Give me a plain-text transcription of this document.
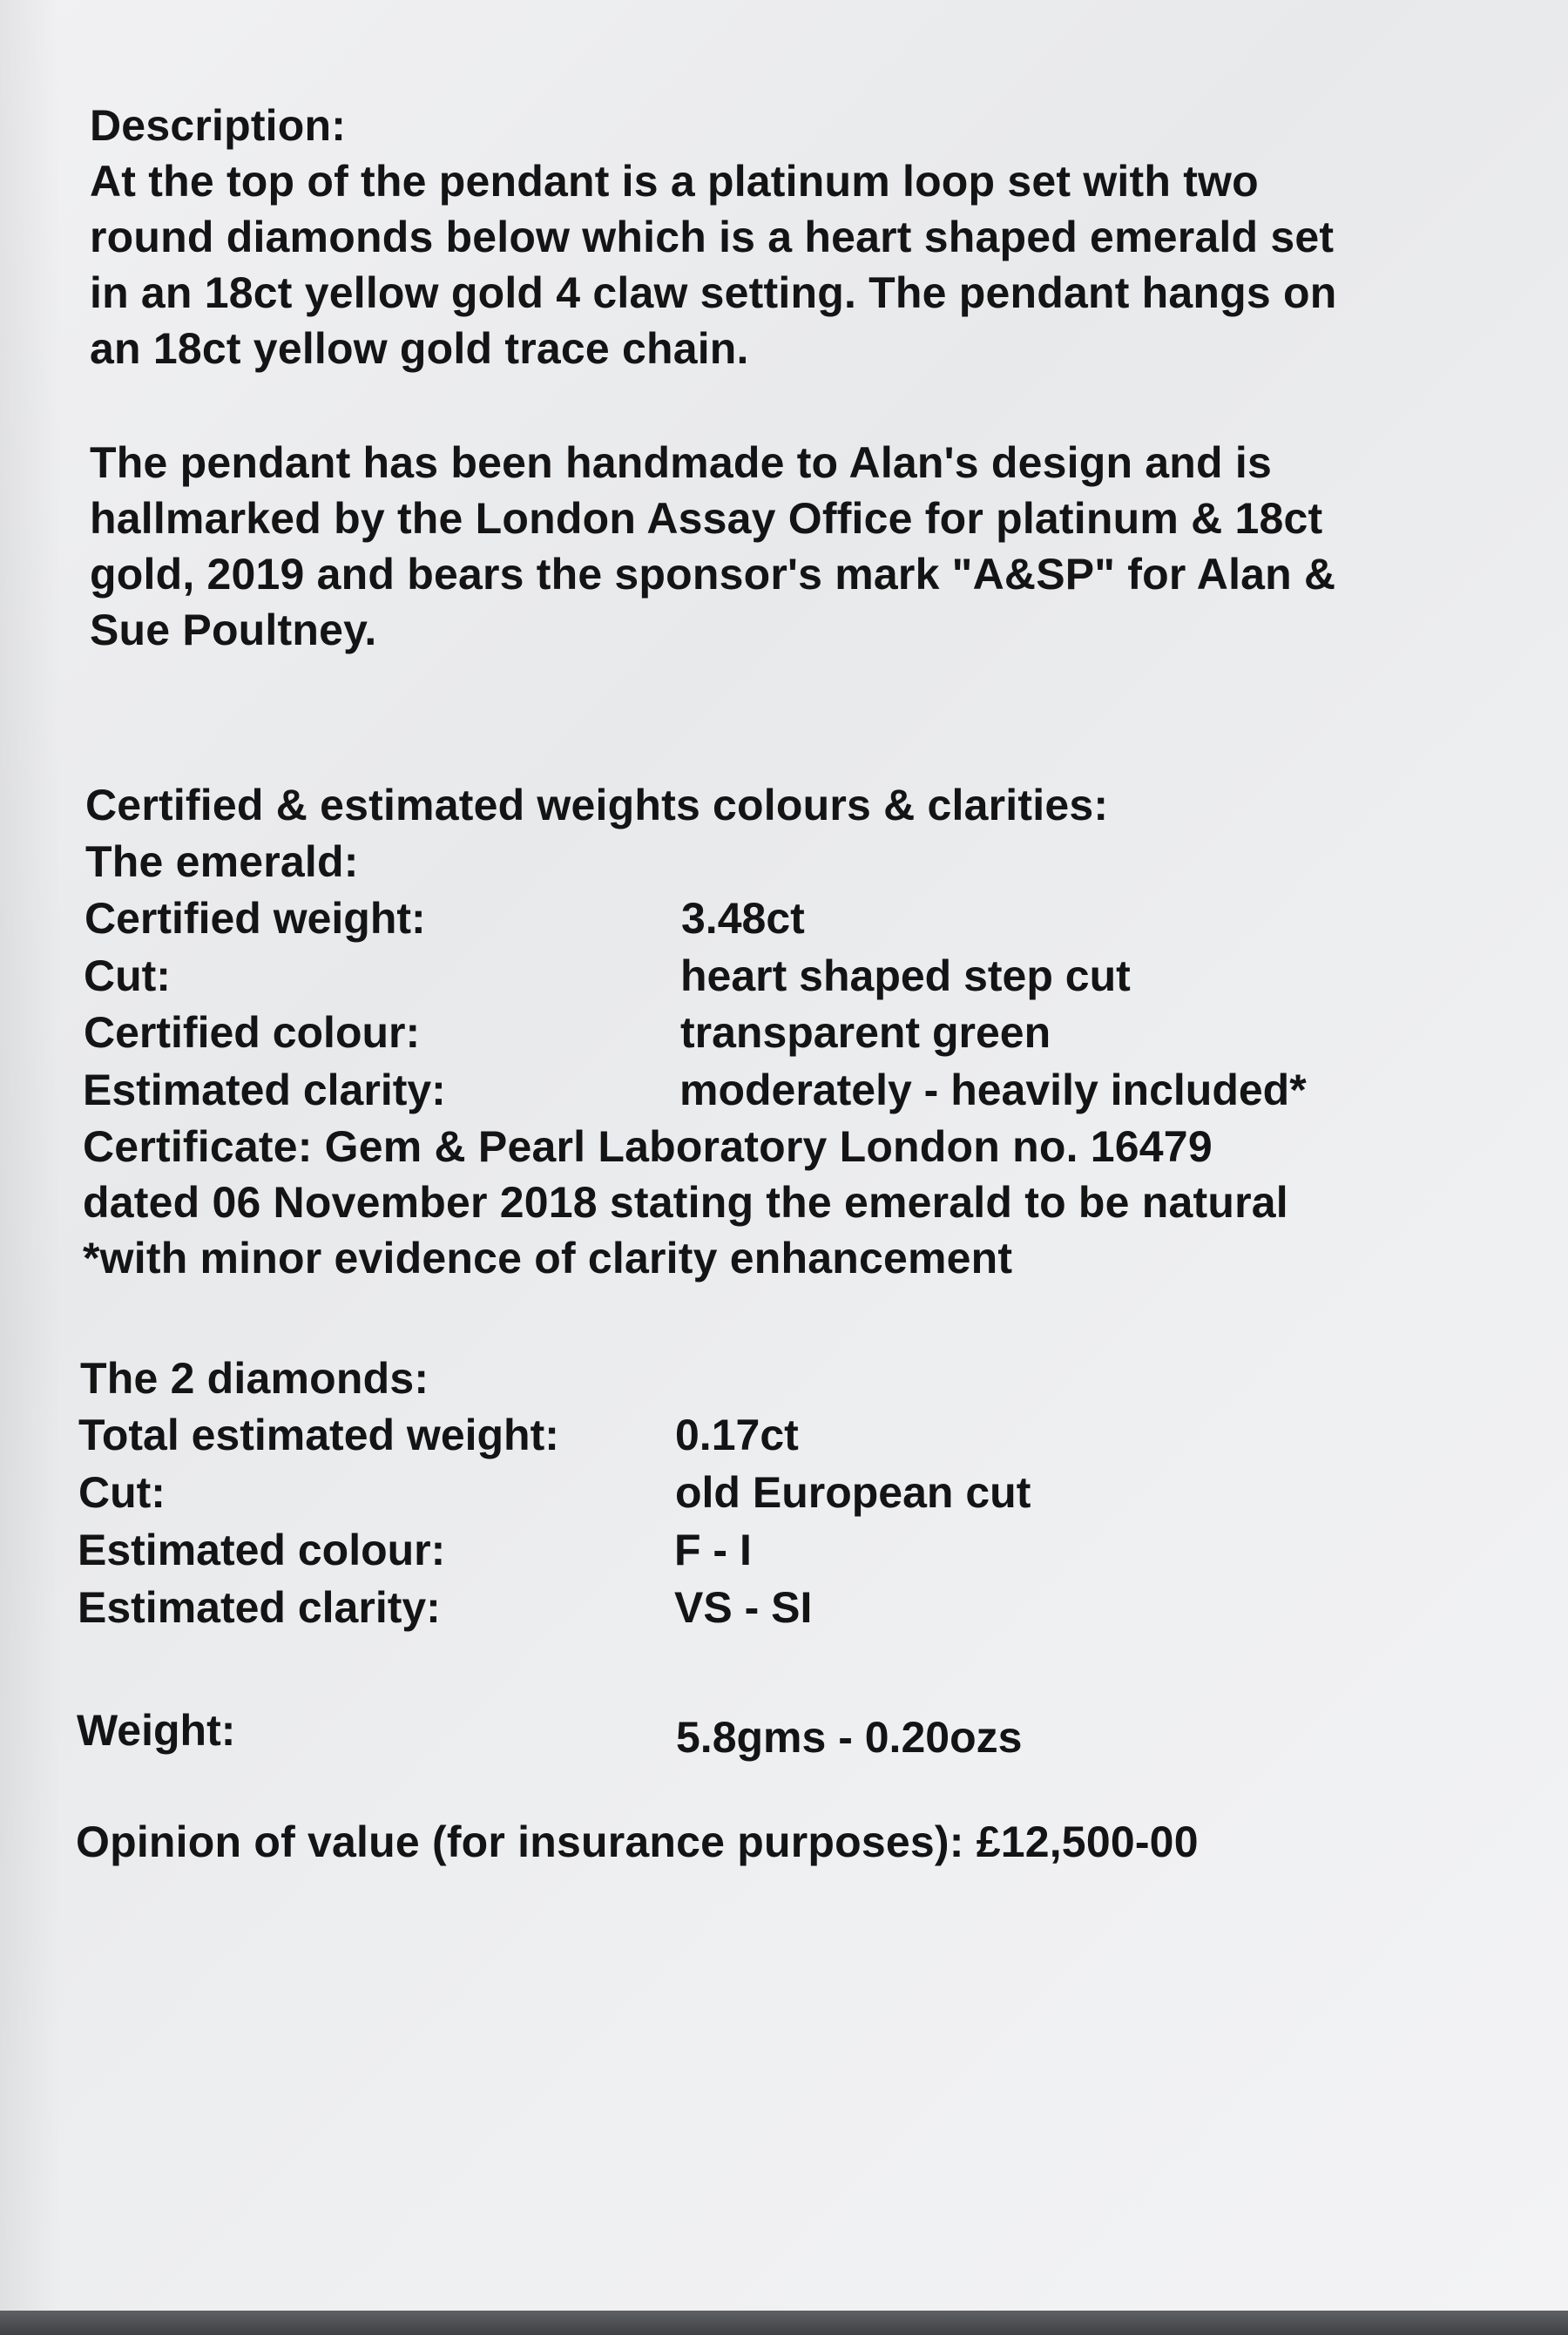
⠀
Description:
At the top of the pendant is a platinum loop set with two
round diamonds below which is a heart shaped emerald set
in an 18ct yellow gold 4 claw setting. The pendant hangs on
an 18ct yellow gold trace chain.
The pendant has been handmade to Alan's design and is
hallmarked by the London Assay Office for platinum & 18ct
gold, 2019 and bears the sponsor's mark "A&SP" for Alan &
Sue Poultney.
Certified & estimated weights colours & clarities:
The emerald:
Certified weight:	3.48ct
Cut:	heart shaped step cut
Certified colour:	transparent green
Estimated clarity:	moderately - heavily included*
Certificate: Gem & Pearl Laboratory London no. 16479
dated 06 November 2018 stating the emerald to be natural
*with minor evidence of clarity enhancement
The 2 diamonds:
Total estimated weight:	0.17ct
Cut:	old European cut
Estimated colour:	F - I
Estimated clarity:	VS - SI
Weight:	5.8gms - 0.20ozs
Opinion of value (for insurance purposes): £12,500-00
